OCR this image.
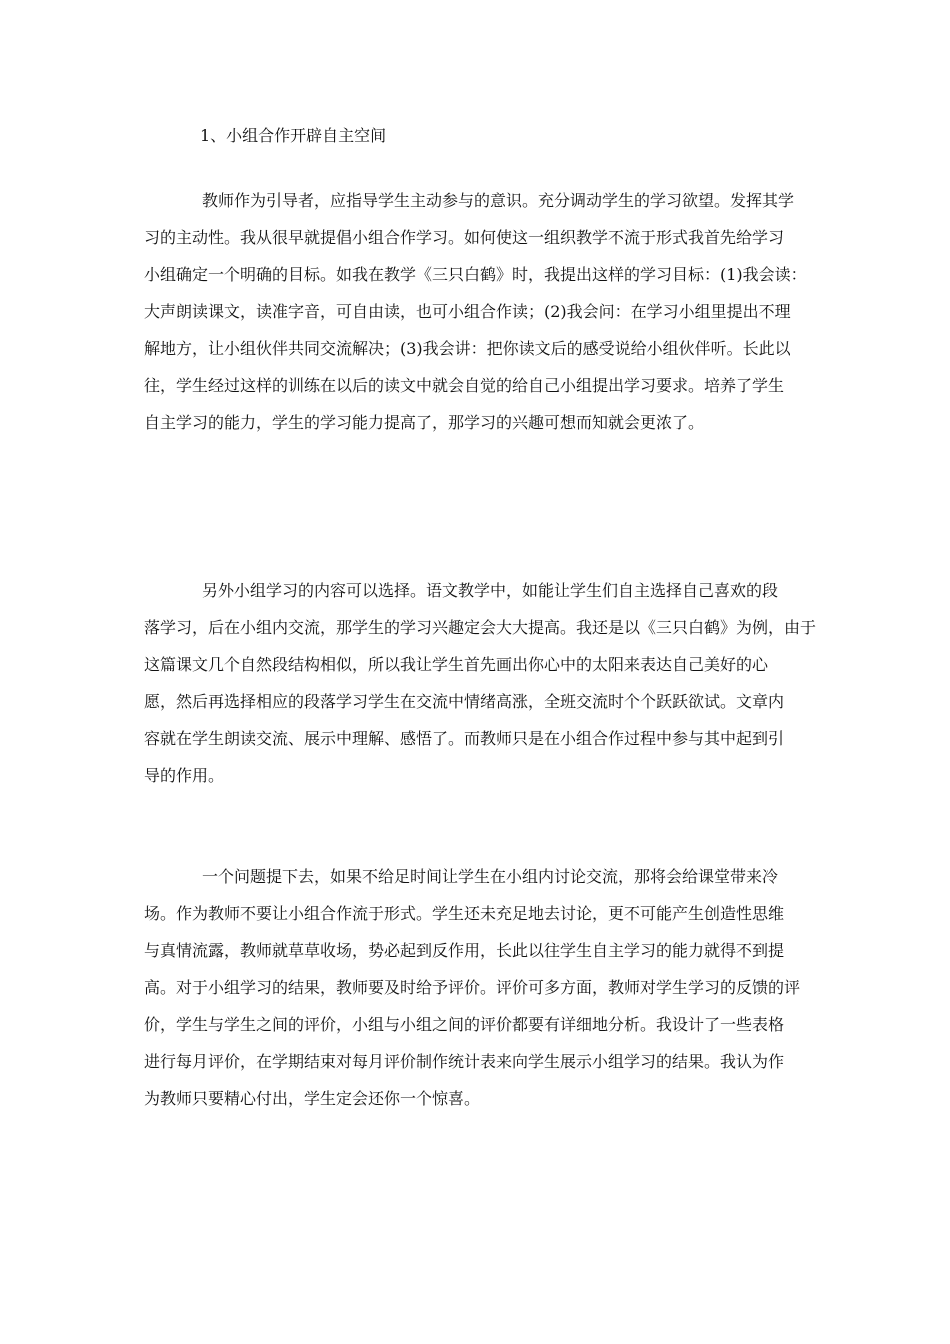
1、小组合作开辟自主空间
教师作为引导者，应指导学生主动参与的意识。充分调动学生的学习欲望。发挥其学
习的主动性。我从很早就提倡小组合作学习。如何使这一组织教学不流于形式我首先给学习
小组确定一个明确的目标。如我在教学《三只白鹤》时，我提出这样的学习目标：(1)我会读：
大声朗读课文，读准字音，可自由读，也可小组合作读；(2)我会问：在学习小组里提出不理
解地方，让小组伙伴共同交流解决；(3)我会讲：把你读文后的感受说给小组伙伴听。长此以
往，学生经过这样的训练在以后的读文中就会自觉的给自己小组提出学习要求。培养了学生
自主学习的能力，学生的学习能力提高了，那学习的兴趣可想而知就会更浓了。
另外小组学习的内容可以选择。语文教学中，如能让学生们自主选择自己喜欢的段
落学习，后在小组内交流，那学生的学习兴趣定会大大提高。我还是以《三只白鹤》为例，由于
这篇课文几个自然段结构相似，所以我让学生首先画出你心中的太阳来表达自己美好的心
愿，然后再选择相应的段落学习学生在交流中情绪高涨，全班交流时个个跃跃欲试。文章内
容就在学生朗读交流、展示中理解、感悟了。而教师只是在小组合作过程中参与其中起到引
导的作用。
一个问题提下去，如果不给足时间让学生在小组内讨论交流，那将会给课堂带来冷
场。作为教师不要让小组合作流于形式。学生还未充足地去讨论，更不可能产生创造性思维
与真情流露，教师就草草收场，势必起到反作用，长此以往学生自主学习的能力就得不到提
高。对于小组学习的结果，教师要及时给予评价。评价可多方面，教师对学生学习的反馈的评
价，学生与学生之间的评价，小组与小组之间的评价都要有详细地分析。我设计了一些表格
进行每月评价，在学期结束对每月评价制作统计表来向学生展示小组学习的结果。我认为作
为教师只要精心付出，学生定会还你一个惊喜。
